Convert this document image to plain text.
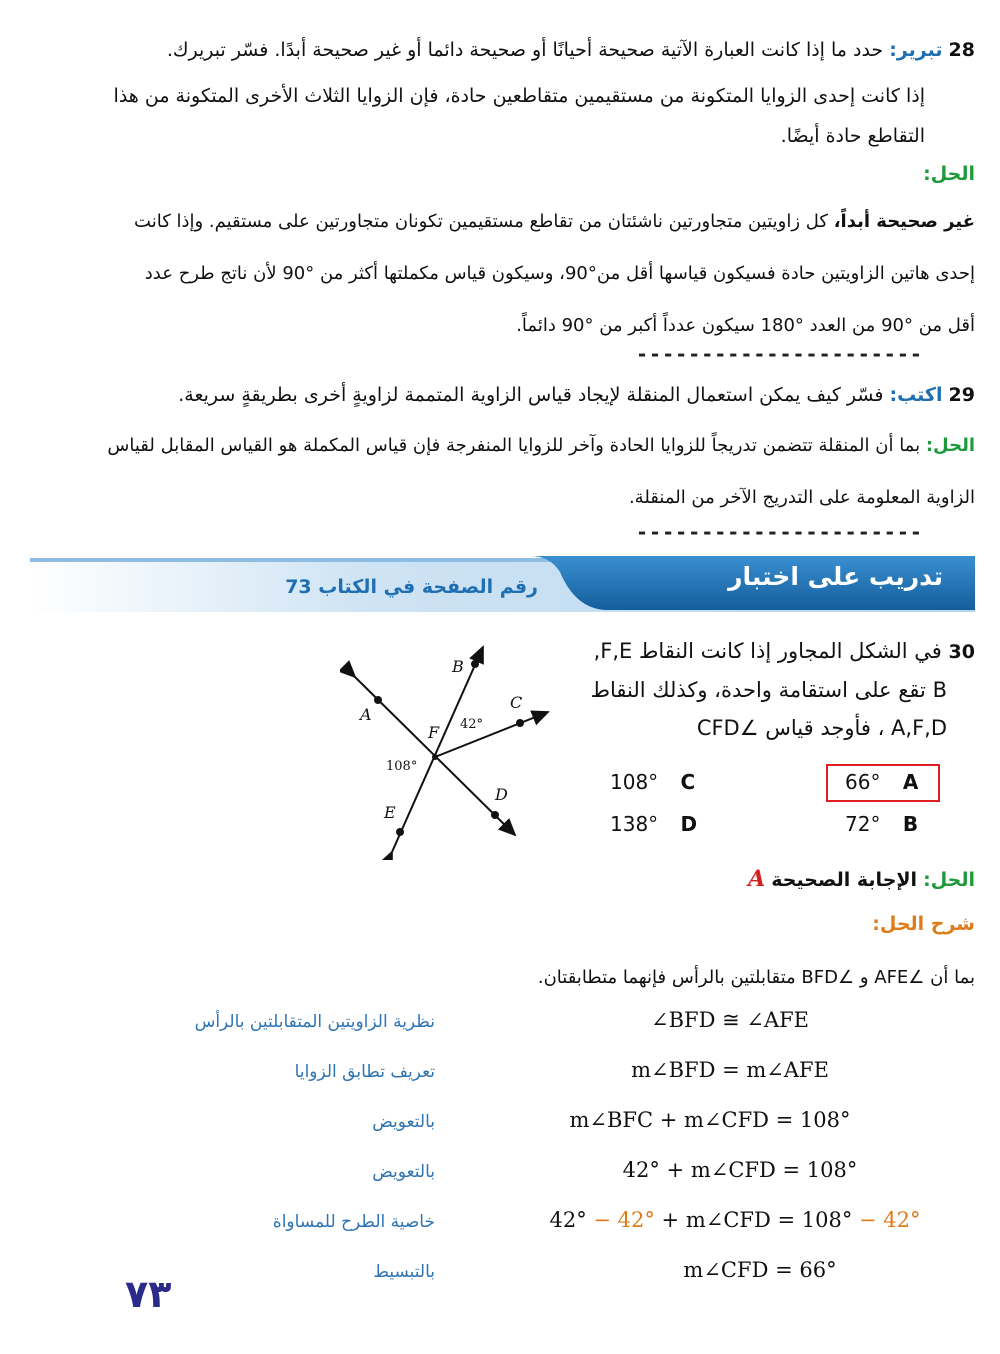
28 تبرير: حدد ما إذا كانت العبارة الآتية صحيحة أحيانًا أو صحيحة دائما أو غير صحيحة أبدًا. فسّر تبريرك.
إذا كانت إحدى الزوايا المتكونة من مستقيمين متقاطعين حادة، فإن الزوايا الثلاث الأخرى المتكونة من هذا
التقاطع حادة أيضًا.
الحل:
غير صحيحة أبداً، كل زاويتين متجاورتين ناشئتان من تقاطع مستقيمين تكونان متجاورتين على مستقيم. وإذا كانت
إحدى هاتين الزاويتين حادة فسيكون قياسها أقل من°90، وسيكون قياس مكملتها أكثر من °90 لأن ناتج طرح عدد
أقل من °90 من العدد °180 سيكون عدداً أكبر من °90 دائماً.
----------------------
29 اكتب: فسّر كيف يمكن استعمال المنقلة لإيجاد قياس الزاوية المتممة لزاويةٍ أخرى بطريقةٍ سريعة.
الحل: بما أن المنقلة تتضمن تدريجاً للزوايا الحادة وآخر للزوايا المنفرجة فإن قياس المكملة هو القياس المقابل لقياس
الزاوية المعلومة على التدريج الآخر من المنقلة.
----------------------
تدريب على اختبار
رقم الصفحة في الكتاب 73
30 في الشكل المجاور إذا كانت النقاط F,E,
B تقع على استقامة واحدة، وكذلك النقاط
A,F,D ، فأوجد قياس ∠CFD
66° A
72° B
108° C
138° D
B
A
C
F
D
E
42°
108°
الحل: الإجابة الصحيحة A
شرح الحل:
بما أن ∠AFE و ∠BFD متقابلتين بالرأس فإنهما متطابقتان.
∠BFD ≅ ∠AFE
نظرية الزاويتين المتقابلتين بالرأس
m∠BFD = m∠AFE
تعريف تطابق الزوايا
m∠BFC + m∠CFD = 108°
بالتعويض
42° + m∠CFD = 108°
بالتعويض
42° − 42° + m∠CFD = 108° − 42°
خاصية الطرح للمساواة
m∠CFD = 66°
بالتبسيط
٧٣
